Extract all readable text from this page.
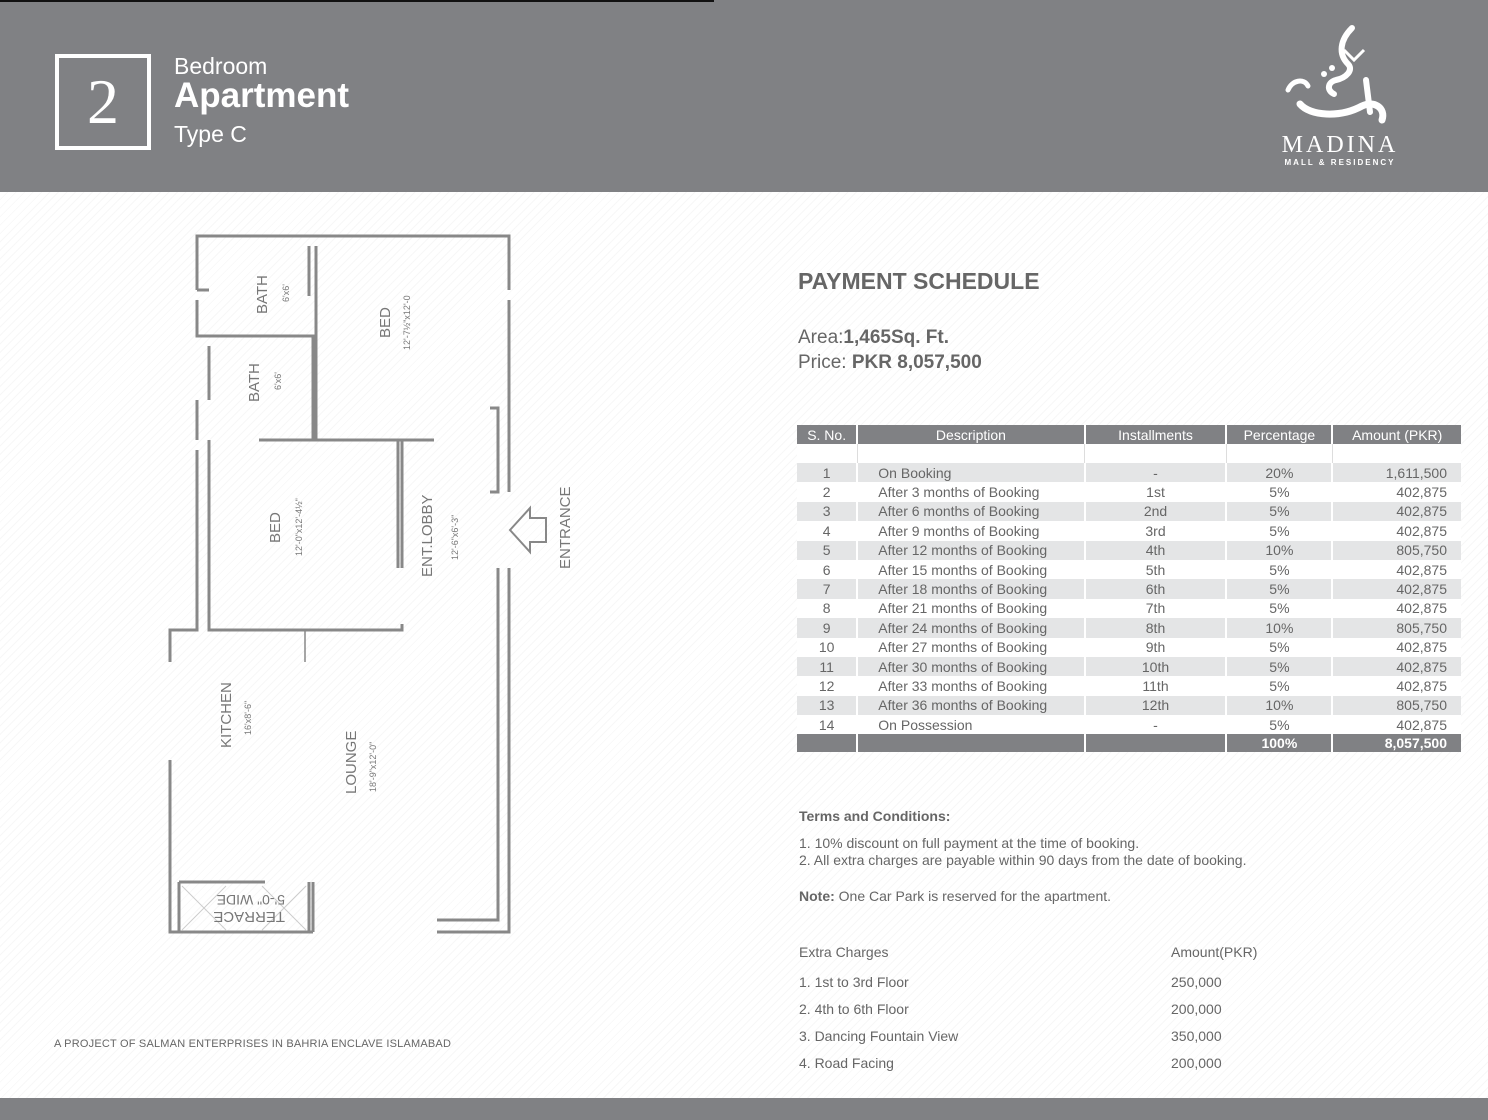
2	Bedroom
Apartment
Type C	MADINA
MALL & RESIDENCY
BATH 6'x6'
BED 12'-7½"x12'-0
BATH 6'x6'
BED 12'-0"x12'-4½"	ENT.LOBBY 12'-6"x6'-3"	ENTRANCE
KITCHEN 16'x8'-6"
LOUNGE 18'-9"x12'-0"
TERRACE
5'-0" WIDE
PAYMENT SCHEDULE
Area:1,465Sq. Ft.
Price: PKR 8,057,500
S. No.	Description	Installments	Percentage	Amount (PKR)

1	On Booking	-	20%	1,611,500
2	After 3 months of Booking	1st	5%	402,875
3	After 6 months of Booking	2nd	5%	402,875
4	After 9 months of Booking	3rd	5%	402,875
5	After 12 months of Booking	4th	10%	805,750
6	After 15 months of Booking	5th	5%	402,875
7	After 18 months of Booking	6th	5%	402,875
8	After 21 months of Booking	7th	5%	402,875
9	After 24 months of Booking	8th	10%	805,750
10	After 27 months of Booking	9th	5%	402,875
11	After 30 months of Booking	10th	5%	402,875
12	After 33 months of Booking	11th	5%	402,875
13	After 36 months of Booking	12th	10%	805,750
14	On Possession	-	5%	402,875
			100%	8,057,500
Terms and Conditions:
1. 10% discount on full payment at the time of booking.
2. All extra charges are payable within 90 days from the date of booking.
Note: One Car Park is reserved for the apartment.
Extra Charges	Amount(PKR)
1. 1st to 3rd Floor	250,000
2. 4th to 6th Floor	200,000
3. Dancing Fountain View	350,000
4. Road Facing	200,000
A PROJECT OF SALMAN ENTERPRISES IN BAHRIA ENCLAVE ISLAMABAD
